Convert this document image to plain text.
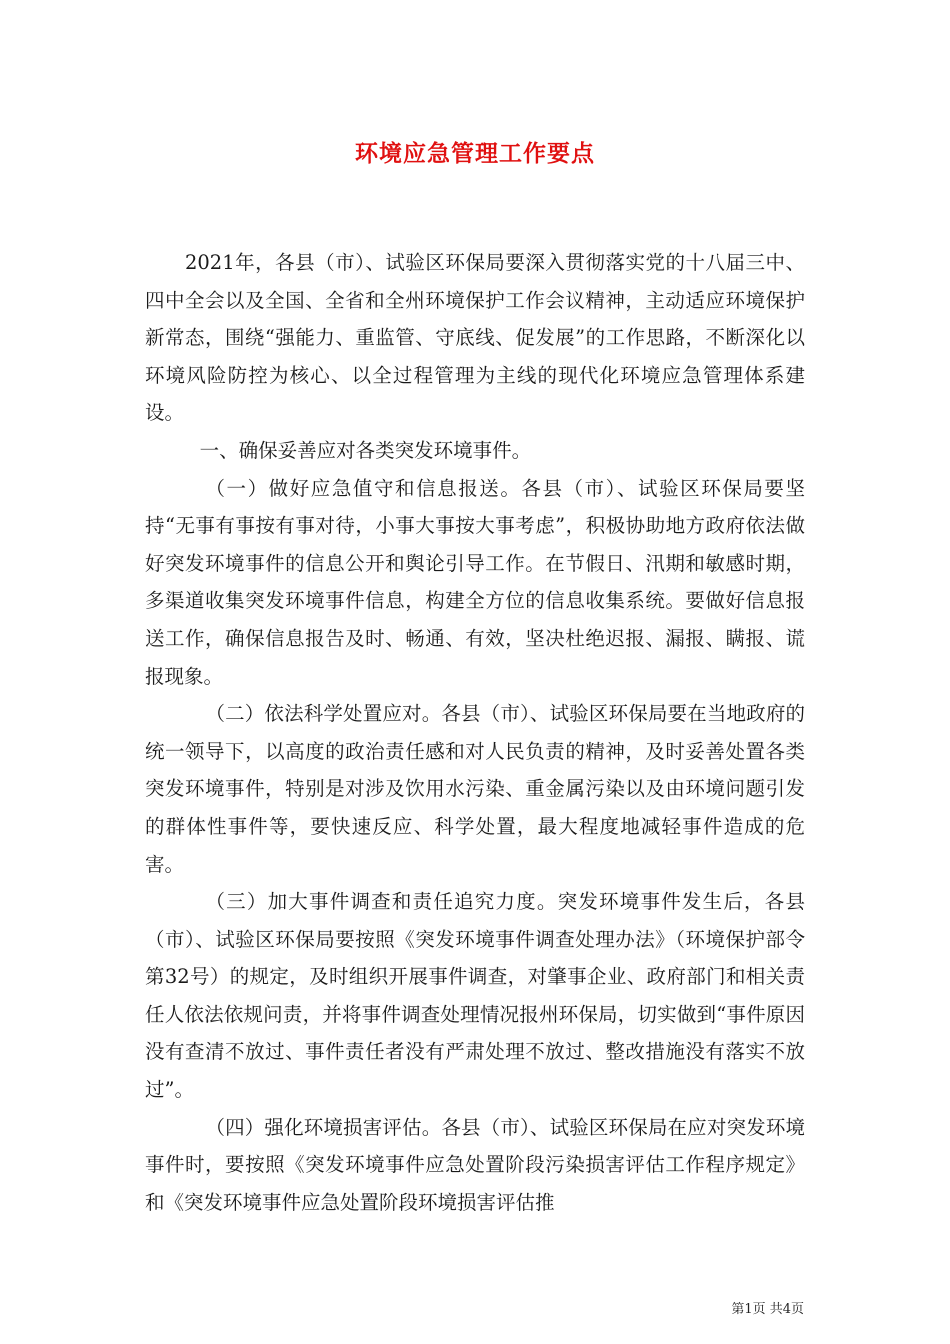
环境应急管理工作要点

2021年，各县（市）、试验区环保局要深入贯彻落实党的十八届三中、四中全会以及全国、全省和全州环境保护工作会议精神，主动适应环境保护新常态，围绕“强能力、重监管、守底线、促发展”的工作思路，不断深化以环境风险防控为核心、以全过程管理为主线的现代化环境应急管理体系建设。

一、确保妥善应对各类突发环境事件。

（一）做好应急值守和信息报送。各县（市）、试验区环保局要坚持“无事有事按有事对待，小事大事按大事考虑”，积极协助地方政府依法做好突发环境事件的信息公开和舆论引导工作。在节假日、汛期和敏感时期，多渠道收集突发环境事件信息，构建全方位的信息收集系统。要做好信息报送工作，确保信息报告及时、畅通、有效，坚决杜绝迟报、漏报、瞒报、谎报现象。

（二）依法科学处置应对。各县（市）、试验区环保局要在当地政府的统一领导下，以高度的政治责任感和对人民负责的精神，及时妥善处置各类突发环境事件，特别是对涉及饮用水污染、重金属污染以及由环境问题引发的群体性事件等，要快速反应、科学处置，最大程度地减轻事件造成的危害。

（三）加大事件调查和责任追究力度。突发环境事件发生后，各县（市）、试验区环保局要按照《突发环境事件调查处理办法》（环境保护部令第32号）的规定，及时组织开展事件调查，对肇事企业、政府部门和相关责任人依法依规问责，并将事件调查处理情况报州环保局，切实做到“事件原因没有查清不放过、事件责任者没有严肃处理不放过、整改措施没有落实不放过”。

（四）强化环境损害评估。各县（市）、试验区环保局在应对突发环境事件时，要按照《突发环境事件应急处置阶段污染损害评估工作程序规定》和《突发环境事件应急处置阶段环境损害评估推

第1页 共4页
